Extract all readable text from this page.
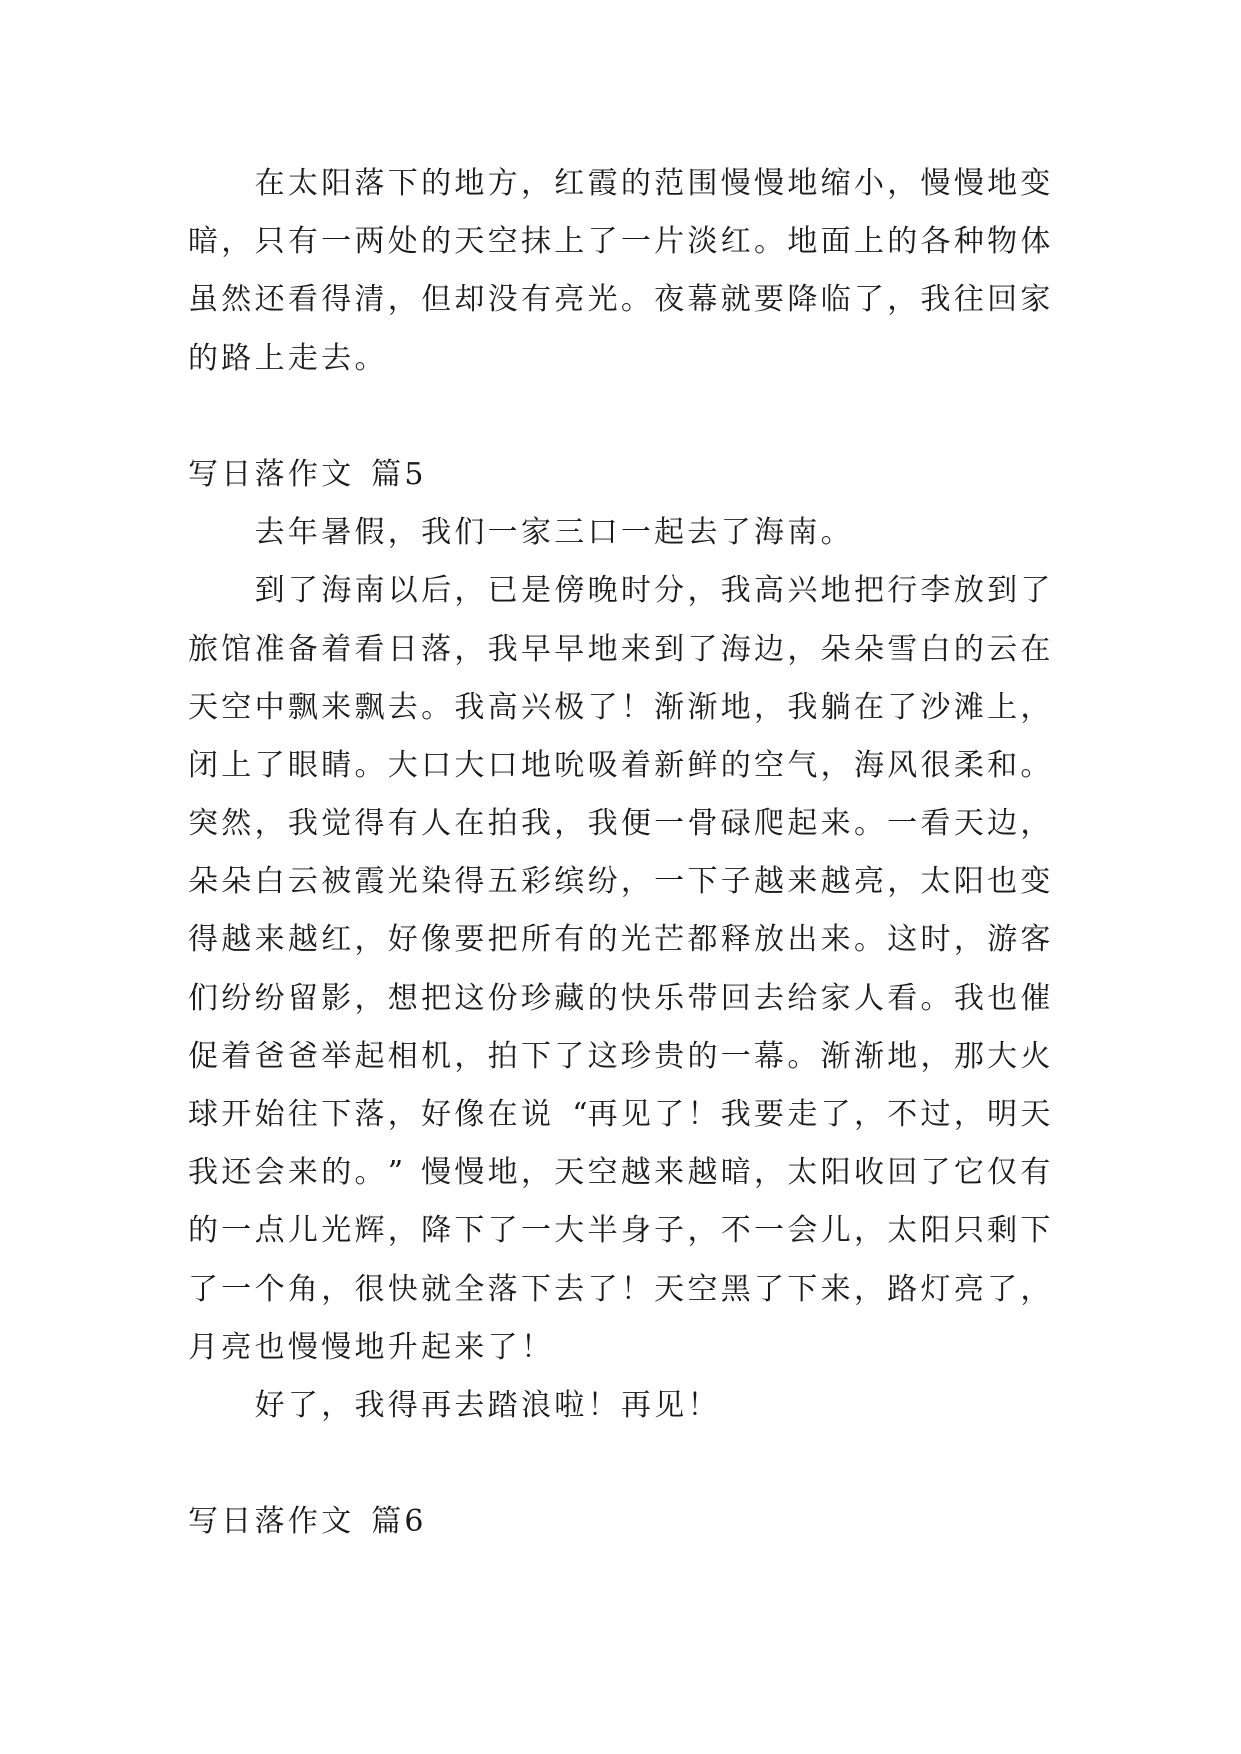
在 太 阳 落 下 的 地 方 ， 红 霞 的 范 围 慢 慢 地 缩 小 ， 慢 慢 地 变
暗 ， 只 有 一 两 处 的 天 空 抹 上 了 一 片 淡 红 。 地 面 上 的 各 种 物 体
虽 然 还 看 得 清 ， 但 却 没 有 亮 光 。 夜 幕 就 要 降 临 了 ， 我 往 回 家
的 路 上 走 去 。
写 日 落 作 文 篇 5
去 年 暑 假 ， 我 们 一 家 三 口 一 起 去 了 海 南 。
到 了 海 南 以 后 ， 已 是 傍 晚 时 分 ， 我 高 兴 地 把 行 李 放 到 了
旅 馆 准 备 着 看 日 落 ， 我 早 早 地 来 到 了 海 边 ， 朵 朵 雪 白 的 云 在
天 空 中 飘 来 飘 去 。 我 高 兴 极 了 ！ 渐 渐 地 ， 我 躺 在 了 沙 滩 上 ，
闭 上 了 眼 睛 。 大 口 大 口 地 吮 吸 着 新 鲜 的 空 气 ， 海 风 很 柔 和 。
突 然 ， 我 觉 得 有 人 在 拍 我 ， 我 便 一 骨 碌 爬 起 来 。 一 看 天 边 ，
朵 朵 白 云 被 霞 光 染 得 五 彩 缤 纷 ， 一 下 子 越 来 越 亮 ， 太 阳 也 变
得 越 来 越 红 ， 好 像 要 把 所 有 的 光 芒 都 释 放 出 来 。 这 时 ， 游 客
们 纷 纷 留 影 ， 想 把 这 份 珍 藏 的 快 乐 带 回 去 给 家 人 看 。 我 也 催
促 着 爸 爸 举 起 相 机 ， 拍 下 了 这 珍 贵 的 一 幕 。 渐 渐 地 ， 那 大 火
球 开 始 往 下 落 ， 好 像 在 说 “再 见 了 ！ 我 要 走 了 ， 不 过 ， 明 天
我 还 会 来 的 。 ” 慢 慢 地 ， 天 空 越 来 越 暗 ， 太 阳 收 回 了 它 仅 有
的 一 点 儿 光 辉 ， 降 下 了 一 大 半 身 子 ， 不 一 会 儿 ， 太 阳 只 剩 下
了 一 个 角 ， 很 快 就 全 落 下 去 了 ！ 天 空 黑 了 下 来 ， 路 灯 亮 了 ，
月 亮 也 慢 慢 地 升 起 来 了 ！
好 了 ， 我 得 再 去 踏 浪 啦 ！ 再 见 ！
写 日 落 作 文 篇 6
